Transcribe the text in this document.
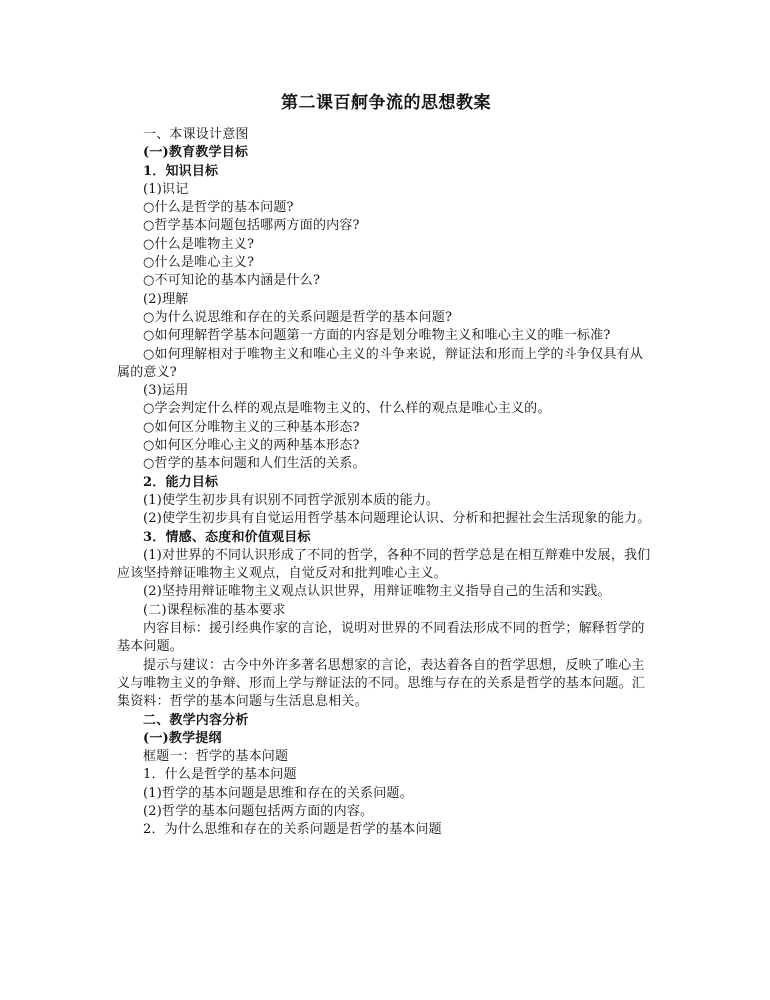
第二课百舸争流的思想教案

一、本课设计意图

(一)教育教学目标

1．知识目标

(1)识记

○什么是哲学的基本问题?

○哲学基本问题包括哪两方面的内容?

○什么是唯物主义?

○什么是唯心主义?

○不可知论的基本内涵是什么?

(2)理解

○为什么说思维和存在的关系问题是哲学的基本问题?

○如何理解哲学基本问题第一方面的内容是划分唯物主义和唯心主义的唯一标准?

○如何理解相对于唯物主义和唯心主义的斗争来说，辩证法和形而上学的斗争仅具有从属的意义?

(3)运用

○学会判定什么样的观点是唯物主义的、什么样的观点是唯心主义的。

○如何区分唯物主义的三种基本形态?

○如何区分唯心主义的两种基本形态?

○哲学的基本问题和人们生活的关系。

2．能力目标

(1)使学生初步具有识别不同哲学派别本质的能力。

(2)使学生初步具有自觉运用哲学基本问题理论认识、分析和把握社会生活现象的能力。

3．情感、态度和价值观目标

(1)对世界的不同认识形成了不同的哲学，各种不同的哲学总是在相互辩难中发展，我们应该坚持辩证唯物主义观点，自觉反对和批判唯心主义。

(2)坚持用辩证唯物主义观点认识世界，用辩证唯物主义指导自己的生活和实践。

(二)课程标准的基本要求

内容目标：援引经典作家的言论，说明对世界的不同看法形成不同的哲学；解释哲学的基本问题。

提示与建议：古今中外许多著名思想家的言论，表达着各自的哲学思想，反映了唯心主义与唯物主义的争辩、形而上学与辩证法的不同。思维与存在的关系是哲学的基本问题。汇集资料：哲学的基本问题与生活息息相关。

二、教学内容分析

(一)教学提纲

框题一：哲学的基本问题

1．什么是哲学的基本问题

(1)哲学的基本问题是思维和存在的关系问题。

(2)哲学的基本问题包括两方面的内容。

2．为什么思维和存在的关系问题是哲学的基本问题
